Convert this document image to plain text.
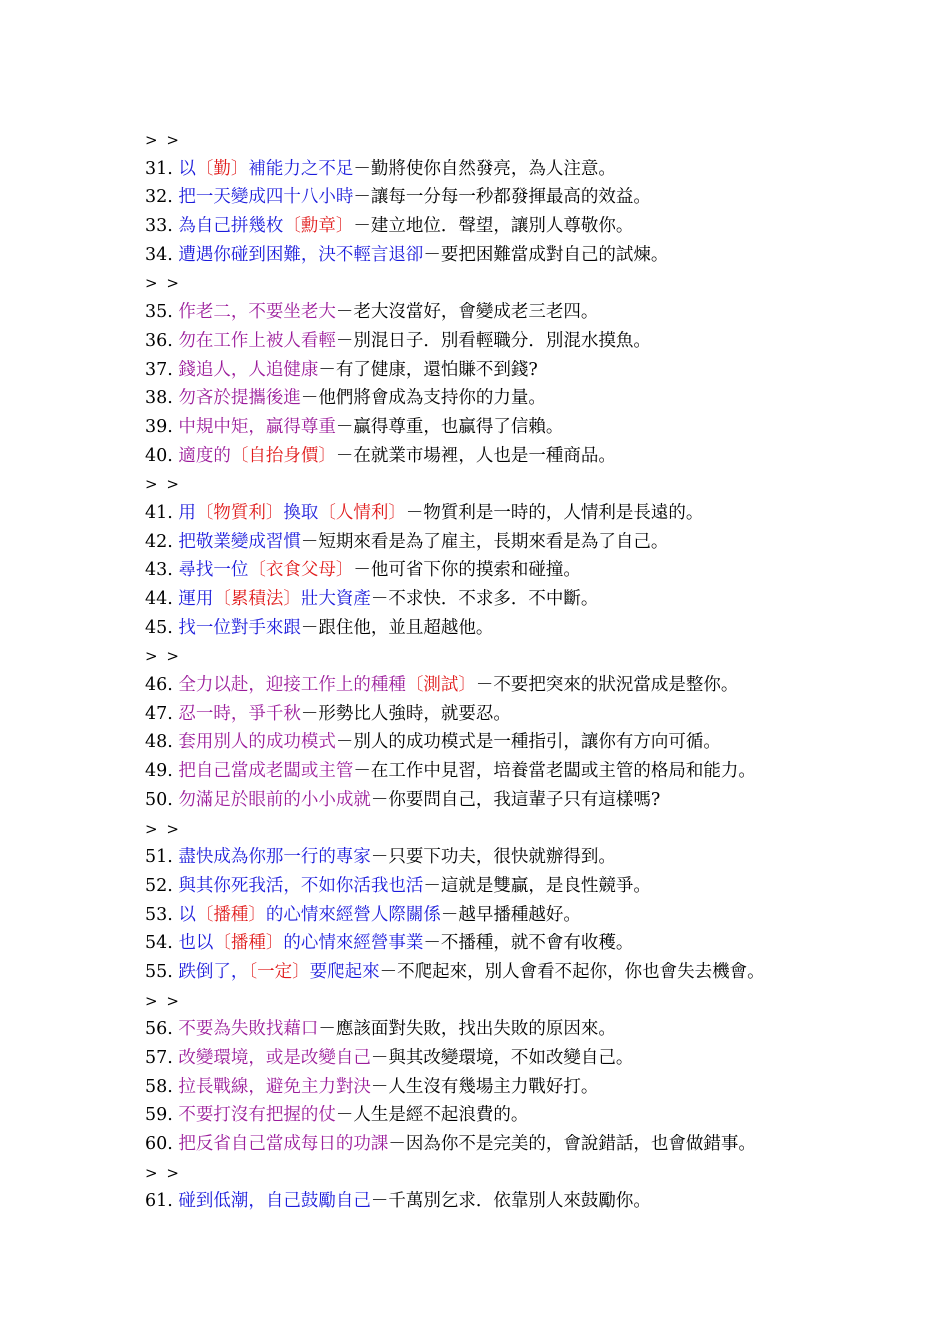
> >
31. 以〔勤〕補能力之不足－勤將使你自然發亮，為人注意。
32. 把一天變成四十八小時－讓每一分每一秒都發揮最高的效益。
33. 為自己拼幾枚〔勳章〕－建立地位．聲望，讓別人尊敬你。
34. 遭遇你碰到困難，決不輕言退卻－要把困難當成對自己的試煉。
> >
35. 作老二，不要坐老大－老大沒當好，會變成老三老四。
36. 勿在工作上被人看輕－別混日子．別看輕職分．別混水摸魚。
37. 錢追人，人追健康－有了健康，還怕賺不到錢?
38. 勿吝於提攜後進－他們將會成為支持你的力量。
39. 中規中矩，贏得尊重－贏得尊重，也贏得了信賴。
40. 適度的〔自抬身價〕－在就業市場裡，人也是一種商品。
> >
41. 用〔物質利〕換取〔人情利〕－物質利是一時的，人情利是長遠的。
42. 把敬業變成習慣－短期來看是為了雇主，長期來看是為了自己。
43. 尋找一位〔衣食父母〕－他可省下你的摸索和碰撞。
44. 運用〔累積法〕壯大資產－不求快．不求多．不中斷。
45. 找一位對手來跟－跟住他，並且超越他。
> >
46. 全力以赴，迎接工作上的種種〔測試〕－不要把突來的狀況當成是整你。
47. 忍一時，爭千秋－形勢比人強時，就要忍。
48. 套用別人的成功模式－別人的成功模式是一種指引，讓你有方向可循。
49. 把自己當成老闆或主管－在工作中見習，培養當老闆或主管的格局和能力。
50. 勿滿足於眼前的小小成就－你要問自己，我這輩子只有這樣嗎?
> >
51. 盡快成為你那一行的專家－只要下功夫，很快就辦得到。
52. 與其你死我活，不如你活我也活－這就是雙贏，是良性競爭。
53. 以〔播種〕的心情來經營人際關係－越早播種越好。
54. 也以〔播種〕的心情來經營事業－不播種，就不會有收穫。
55. 跌倒了，〔一定〕要爬起來－不爬起來，別人會看不起你，你也會失去機會。
> >
56. 不要為失敗找藉口－應該面對失敗，找出失敗的原因來。
57. 改變環境，或是改變自己－與其改變環境，不如改變自己。
58. 拉長戰線，避免主力對決－人生沒有幾場主力戰好打。
59. 不要打沒有把握的仗－人生是經不起浪費的。
60. 把反省自己當成每日的功課－因為你不是完美的，會說錯話，也會做錯事。
> >
61. 碰到低潮，自己鼓勵自己－千萬別乞求．依靠別人來鼓勵你。
